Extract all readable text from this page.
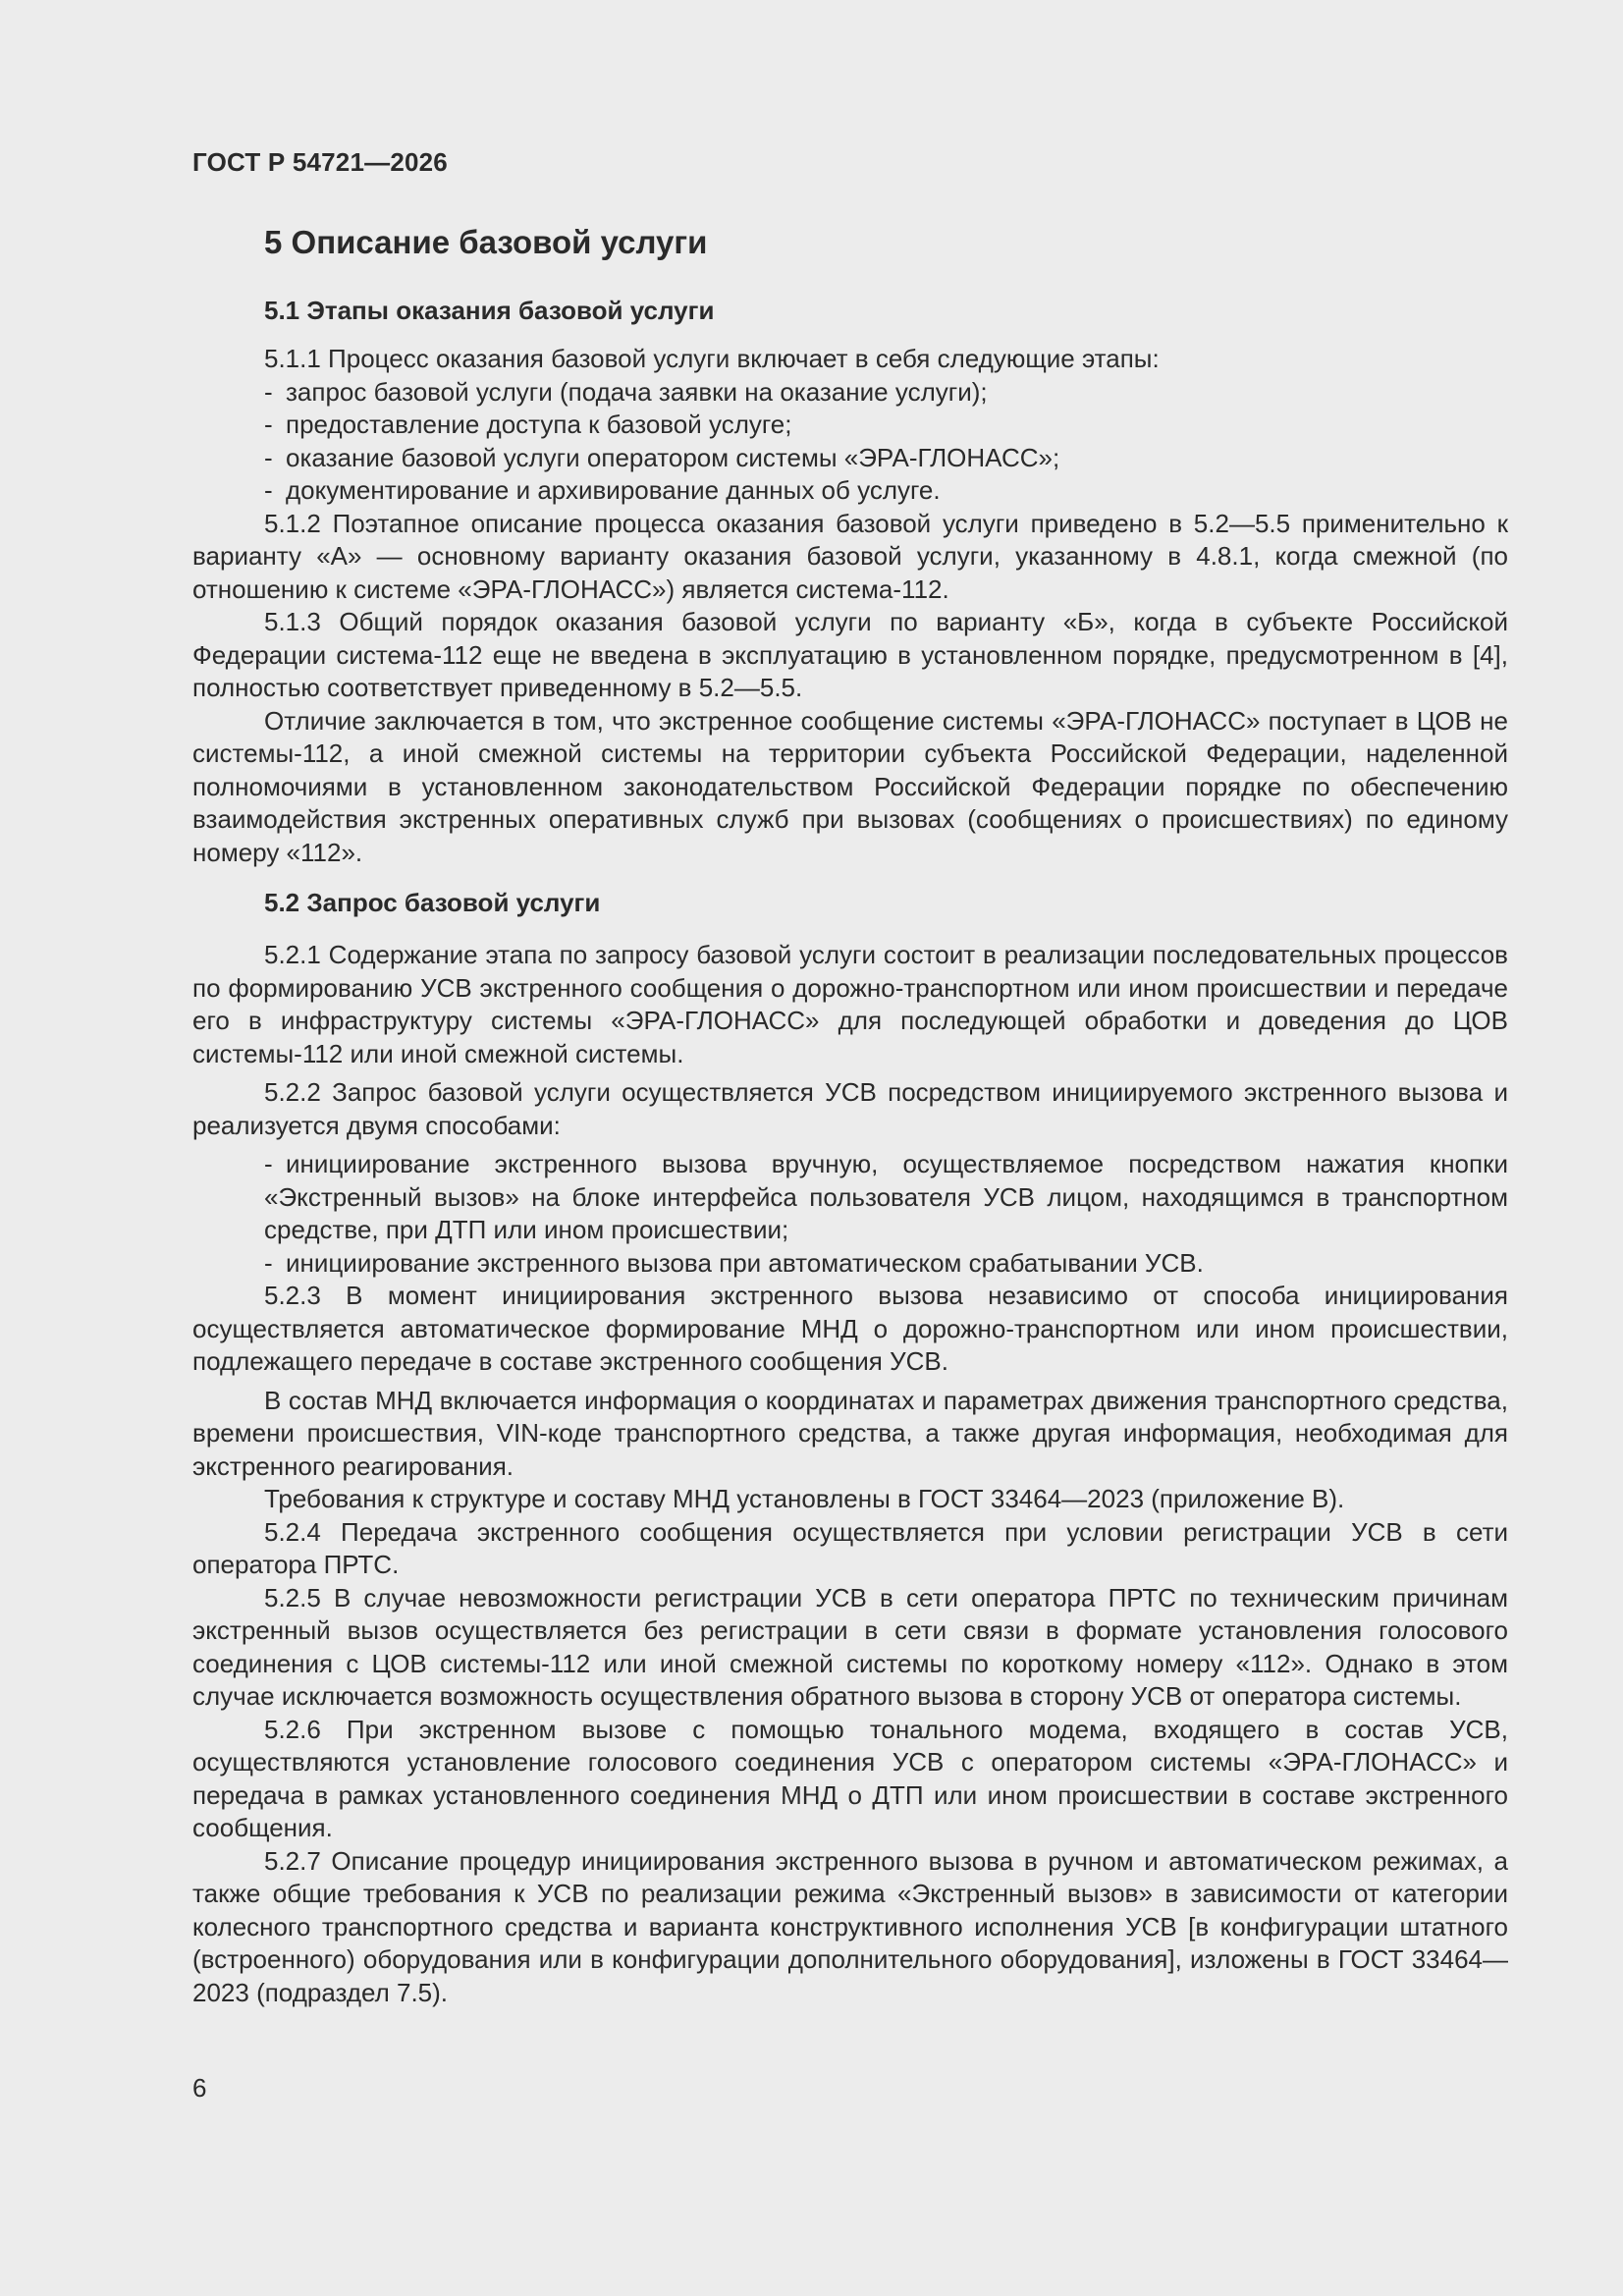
ГОСТ Р 54721—2026
5 Описание базовой услуги
5.1 Этапы оказания базовой услуги

5.1.1 Процесс оказания базовой услуги включает в себя следующие этапы:

- запрос базовой услуги (подача заявки на оказание услуги);

- предоставление доступа к базовой услуге;

- оказание базовой услуги оператором системы «ЭРА-ГЛОНАСС»;

- документирование и архивирование данных об услуге.

5.1.2 Поэтапное описание процесса оказания базовой услуги приведено в 5.2—5.5 применительно к варианту «А» — основному варианту оказания базовой услуги, указанному в 4.8.1, когда смежной (по отношению к системе «ЭРА-ГЛОНАСС») является система-112.

5.1.3 Общий порядок оказания базовой услуги по варианту «Б», когда в субъекте Российской Федерации система-112 еще не введена в эксплуатацию в установленном порядке, предусмотренном в [4], полностью соответствует приведенному в 5.2—5.5.

Отличие заключается в том, что экстренное сообщение системы «ЭРА-ГЛОНАСС» поступает в ЦОВ не системы-112, а иной смежной системы на территории субъекта Российской Федерации, наделенной полномочиями в установленном законодательством Российской Федерации порядке по обеспечению взаимодействия экстренных оперативных служб при вызовах (сообщениях о происшествиях) по единому номеру «112».

5.2 Запрос базовой услуги

5.2.1 Содержание этапа по запросу базовой услуги состоит в реализации последовательных процессов по формированию УСВ экстренного сообщения о дорожно-транспортном или ином происшествии и передаче его в инфраструктуру системы «ЭРА-ГЛОНАСС» для последующей обработки и доведения до ЦОВ системы-112 или иной смежной системы.

5.2.2 Запрос базовой услуги осуществляется УСВ посредством инициируемого экстренного вызова и реализуется двумя способами:

- инициирование экстренного вызова вручную, осуществляемое посредством нажатия кнопки «Экстренный вызов» на блоке интерфейса пользователя УСВ лицом, находящимся в транспортном средстве, при ДТП или ином происшествии;

- инициирование экстренного вызова при автоматическом срабатывании УСВ.

5.2.3 В момент инициирования экстренного вызова независимо от способа инициирования осуществляется автоматическое формирование МНД о дорожно-транспортном или ином происшествии, подлежащего передаче в составе экстренного сообщения УСВ.

В состав МНД включается информация о координатах и параметрах движения транспортного средства, времени происшествия, VIN-коде транспортного средства, а также другая информация, необходимая для экстренного реагирования.

Требования к структуре и составу МНД установлены в ГОСТ 33464—2023 (приложение В).

5.2.4 Передача экстренного сообщения осуществляется при условии регистрации УСВ в сети оператора ПРТС.

5.2.5 В случае невозможности регистрации УСВ в сети оператора ПРТС по техническим причинам экстренный вызов осуществляется без регистрации в сети связи в формате установления голосового соединения с ЦОВ системы-112 или иной смежной системы по короткому номеру «112». Однако в этом случае исключается возможность осуществления обратного вызова в сторону УСВ от оператора системы.

5.2.6 При экстренном вызове с помощью тонального модема, входящего в состав УСВ, осуществляются установление голосового соединения УСВ с оператором системы «ЭРА-ГЛОНАСС» и передача в рамках установленного соединения МНД о ДТП или ином происшествии в составе экстренного сообщения.

5.2.7 Описание процедур инициирования экстренного вызова в ручном и автоматическом режимах, а также общие требования к УСВ по реализации режима «Экстренный вызов» в зависимости от категории колесного транспортного средства и варианта конструктивного исполнения УСВ [в конфигурации штатного (встроенного) оборудования или в конфигурации дополнительного оборудования], изложены в ГОСТ 33464—2023 (подраздел 7.5).

6
